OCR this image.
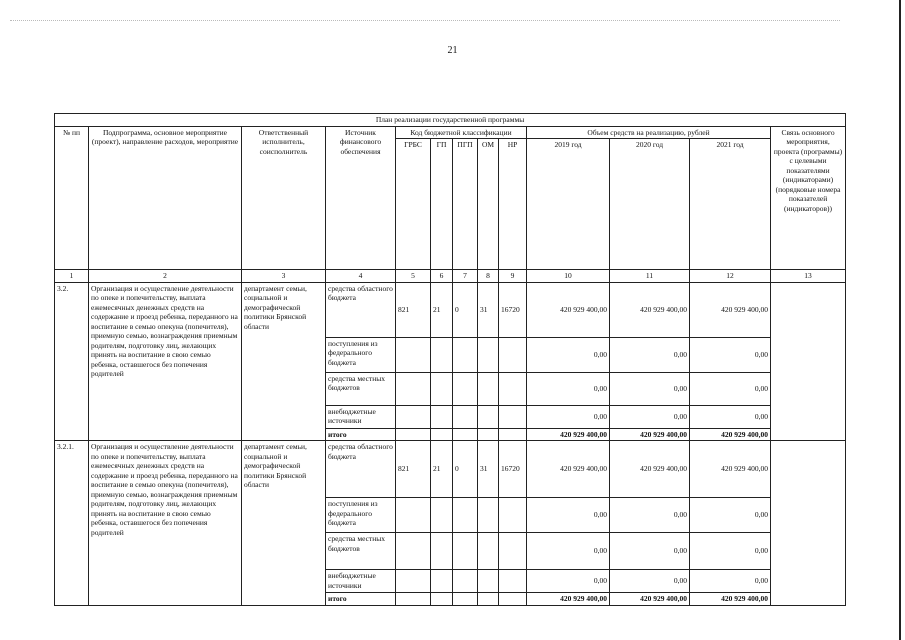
21
План реализации государственной программы												
№ пп	Подпрограмма, основное мероприятие (проект), направление расходов, мероприятие	Ответственный исполнитель, соисполнитель	Источник финансового обеспечения	Код бюджетной классификации					Объем средств на реализацию, рублей			Связь основного мероприятия, проекта (программы) с целевыми показателями (индикаторами) (порядковые номера показателей (индикаторов))
				ГРБС	ГП	ПГП	ОМ	НР	2019 год	2020 год	2021 год	
1	2	3	4	5	6	7	8	9	10	11	12	13
3.2.	Организация и осуществление деятельности по опеке и попечительству, выплата ежемесячных денежных средств на содержание и проезд ребенка, переданного на воспитание в семью опекуна (попечителя), приемную семью, вознаграждения приемным родителям, подготовку лиц, желающих принять на воспитание в свою семью ребенка, оставшегося без попечения родителей	департамент семьи, социальной и демографической политики Брянской области	средства областного бюджета	821	21	0	31	16720	420 929 400,00	420 929 400,00	420 929 400,00	
			поступления из федерального бюджета						0,00	0,00	0,00	
			средства местных бюджетов						0,00	0,00	0,00	
			внебюджетные источники						0,00	0,00	0,00	
			итого						420 929 400,00	420 929 400,00	420 929 400,00	
3.2.1.	Организация и осуществление деятельности по опеке и попечительству, выплата ежемесячных денежных средств на содержание и проезд ребенка, переданного на воспитание в семью опекуна (попечителя), приемную семью, вознаграждения приемным родителям, подготовку лиц, желающих принять на воспитание в свою семью ребенка, оставшегося без попечения родителей	департамент семьи, социальной и демографической политики Брянской области	средства областного бюджета	821	21	0	31	16720	420 929 400,00	420 929 400,00	420 929 400,00	
			поступления из федерального бюджета						0,00	0,00	0,00	
			средства местных бюджетов						0,00	0,00	0,00	
			внебюджетные источники						0,00	0,00	0,00	
			итого						420 929 400,00	420 929 400,00	420 929 400,00	
